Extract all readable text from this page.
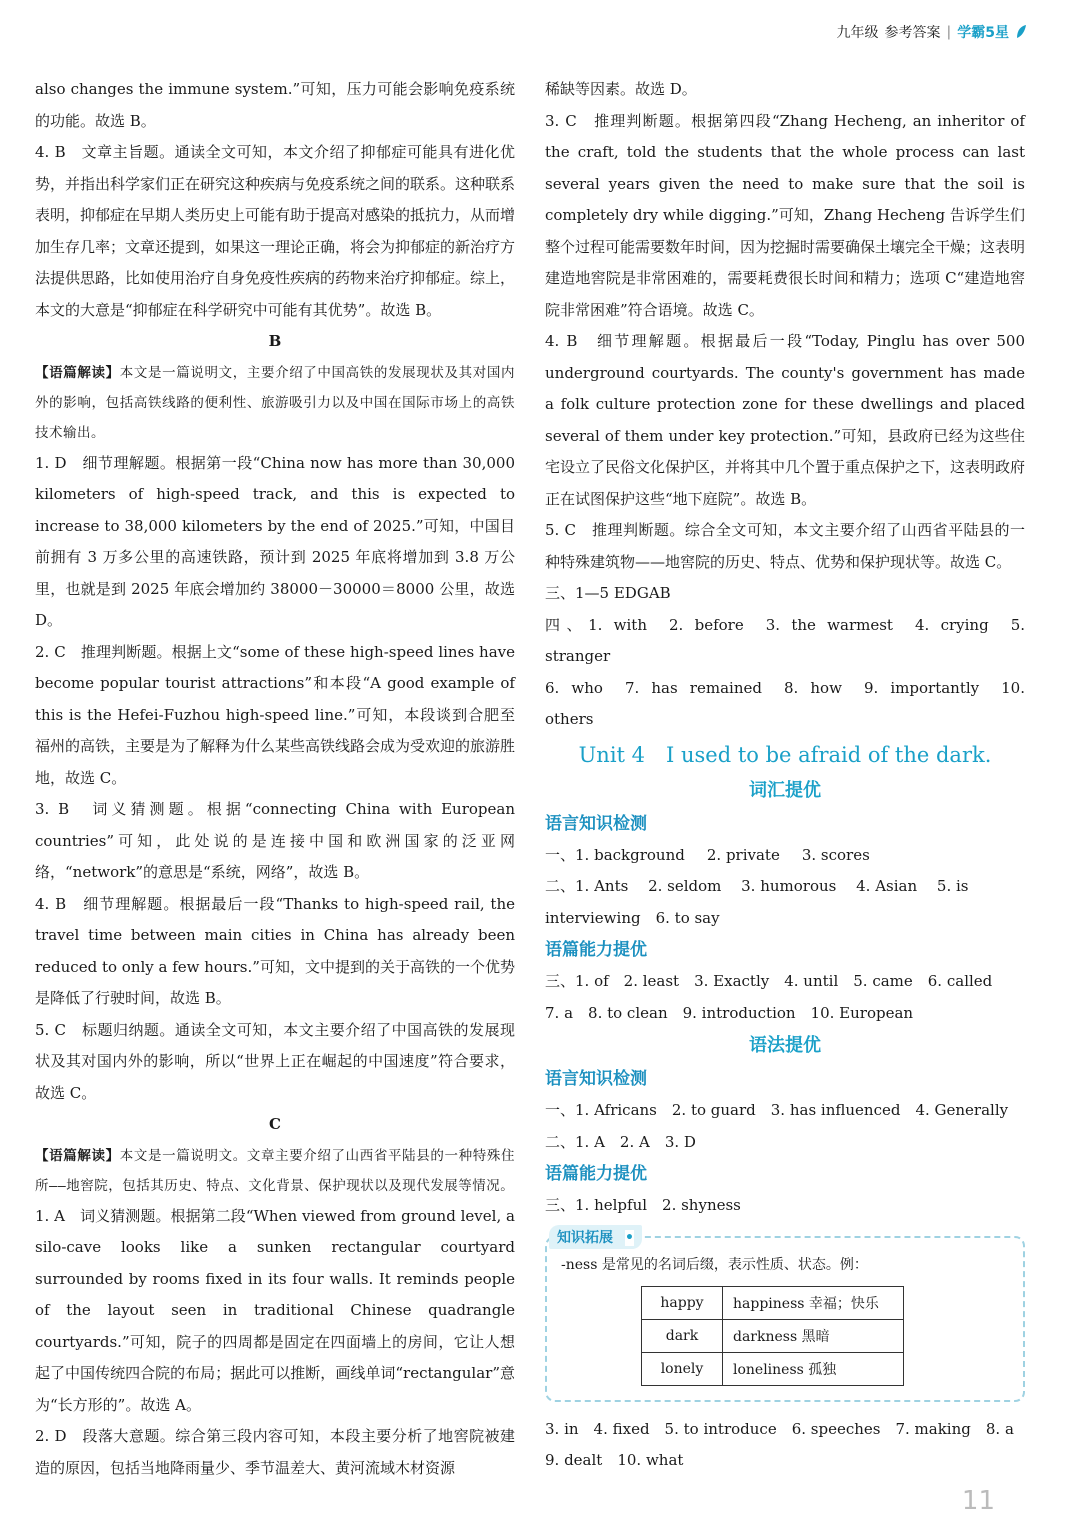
九年级 参考答案 | 学霸5星

also changes the immune system.”可知，压力可能会影响免疫系统的功能。故选 B。

4. B　文章主旨题。通读全文可知，本文介绍了抑郁症可能具有进化优势，并指出科学家们正在研究这种疾病与免疫系统之间的联系。这种联系表明，抑郁症在早期人类历史上可能有助于提高对感染的抵抗力，从而增加生存几率；文章还提到，如果这一理论正确，将会为抑郁症的新治疗方法提供思路，比如使用治疗自身免疫性疾病的药物来治疗抑郁症。综上，本文的大意是“抑郁症在科学研究中可能有其优势”。故选 B。

B

【语篇解读】本文是一篇说明文，主要介绍了中国高铁的发展现状及其对国内外的影响，包括高铁线路的便利性、旅游吸引力以及中国在国际市场上的高铁技术输出。

1. D　细节理解题。根据第一段“China now has more than 30,000 kilometers of high-speed track, and this is expected to increase to 38,000 kilometers by the end of 2025.”可知，中国目前拥有 3 万多公里的高速铁路，预计到 2025 年底将增加到 3.8 万公里，也就是到 2025 年底会增加约 38000－30000＝8000 公里，故选 D。

2. C　推理判断题。根据上文“some of these high-speed lines have become popular tourist attractions”和本段“A good example of this is the Hefei-Fuzhou high-speed line.”可知，本段谈到合肥至福州的高铁，主要是为了解释为什么某些高铁线路会成为受欢迎的旅游胜地，故选 C。

3. B　词义猜测题。根据“connecting China with European countries”可知，此处说的是连接中国和欧洲国家的泛亚网络，“network”的意思是“系统，网络”，故选 B。

4. B　细节理解题。根据最后一段“Thanks to high-speed rail, the travel time between main cities in China has already been reduced to only a few hours.”可知，文中提到的关于高铁的一个优势是降低了行驶时间，故选 B。

5. C　标题归纳题。通读全文可知，本文主要介绍了中国高铁的发展现状及其对国内外的影响，所以“世界上正在崛起的中国速度”符合要求，故选 C。

C

【语篇解读】本文是一篇说明文。文章主要介绍了山西省平陆县的一种特殊住所——地窖院，包括其历史、特点、文化背景、保护现状以及现代发展等情况。

1. A　词义猜测题。根据第二段“When viewed from ground level, a silo-cave looks like a sunken rectangular courtyard surrounded by rooms fixed in its four walls. It reminds people of the layout seen in traditional Chinese quadrangle courtyards.”可知，院子的四周都是固定在四面墙上的房间，它让人想起了中国传统四合院的布局；据此可以推断，画线单词“rectangular”意为“长方形的”。故选 A。

2. D　段落大意题。综合第三段内容可知，本段主要分析了地窖院被建造的原因，包括当地降雨量少、季节温差大、黄河流域木材资源

稀缺等因素。故选 D。

3. C　推理判断题。根据第四段“Zhang Hecheng, an inheritor of the craft, told the students that the whole process can last several years given the need to make sure that the soil is completely dry while digging.”可知，Zhang Hecheng 告诉学生们整个过程可能需要数年时间，因为挖掘时需要确保土壤完全干燥；这表明建造地窖院是非常困难的，需要耗费很长时间和精力；选项 C“建造地窖院非常困难”符合语境。故选 C。

4. B　细节理解题。根据最后一段“Today, Pinglu has over 500 underground courtyards. The county's government has made a folk culture protection zone for these dwellings and placed several of them under key protection.”可知，县政府已经为这些住宅设立了民俗文化保护区，并将其中几个置于重点保护之下，这表明政府正在试图保护这些“地下庭院”。故选 B。

5. C　推理判断题。综合全文可知，本文主要介绍了山西省平陆县的一种特殊建筑物——地窖院的历史、特点、优势和保护现状等。故选 C。

三、1—5 EDGAB

四、1. with 2. before 3. the warmest 4. crying 5. stranger

6. who 7. has remained 8. how 9. importantly 10. others

Unit 4　I used to be afraid of the dark.
词汇提优
语言知识检测

一、1. background 2. private 3. scores

二、1. Ants　 2. seldom　 3. humorous　 4. Asian　 5. is

interviewing　6. to say

语篇能力提优

三、1. of　2. least　3. Exactly　4. until　5. came　6. called

7. a　8. to clean　9. introduction　10. European

语法提优
语言知识检测

一、1. Africans　2. to guard　3. has influenced　4. Generally

二、1. A　2. A　3. D

语篇能力提优

三、1. helpful　2. shyness

知识拓展 •
-ness 是常见的名词后缀，表示性质、状态。例：
happy	happiness 幸福；快乐
dark	darkness 黑暗
lonely	loneliness 孤独

3. in　4. fixed　5. to introduce　6. speeches　7. making　8. a

9. dealt　10. what

11
